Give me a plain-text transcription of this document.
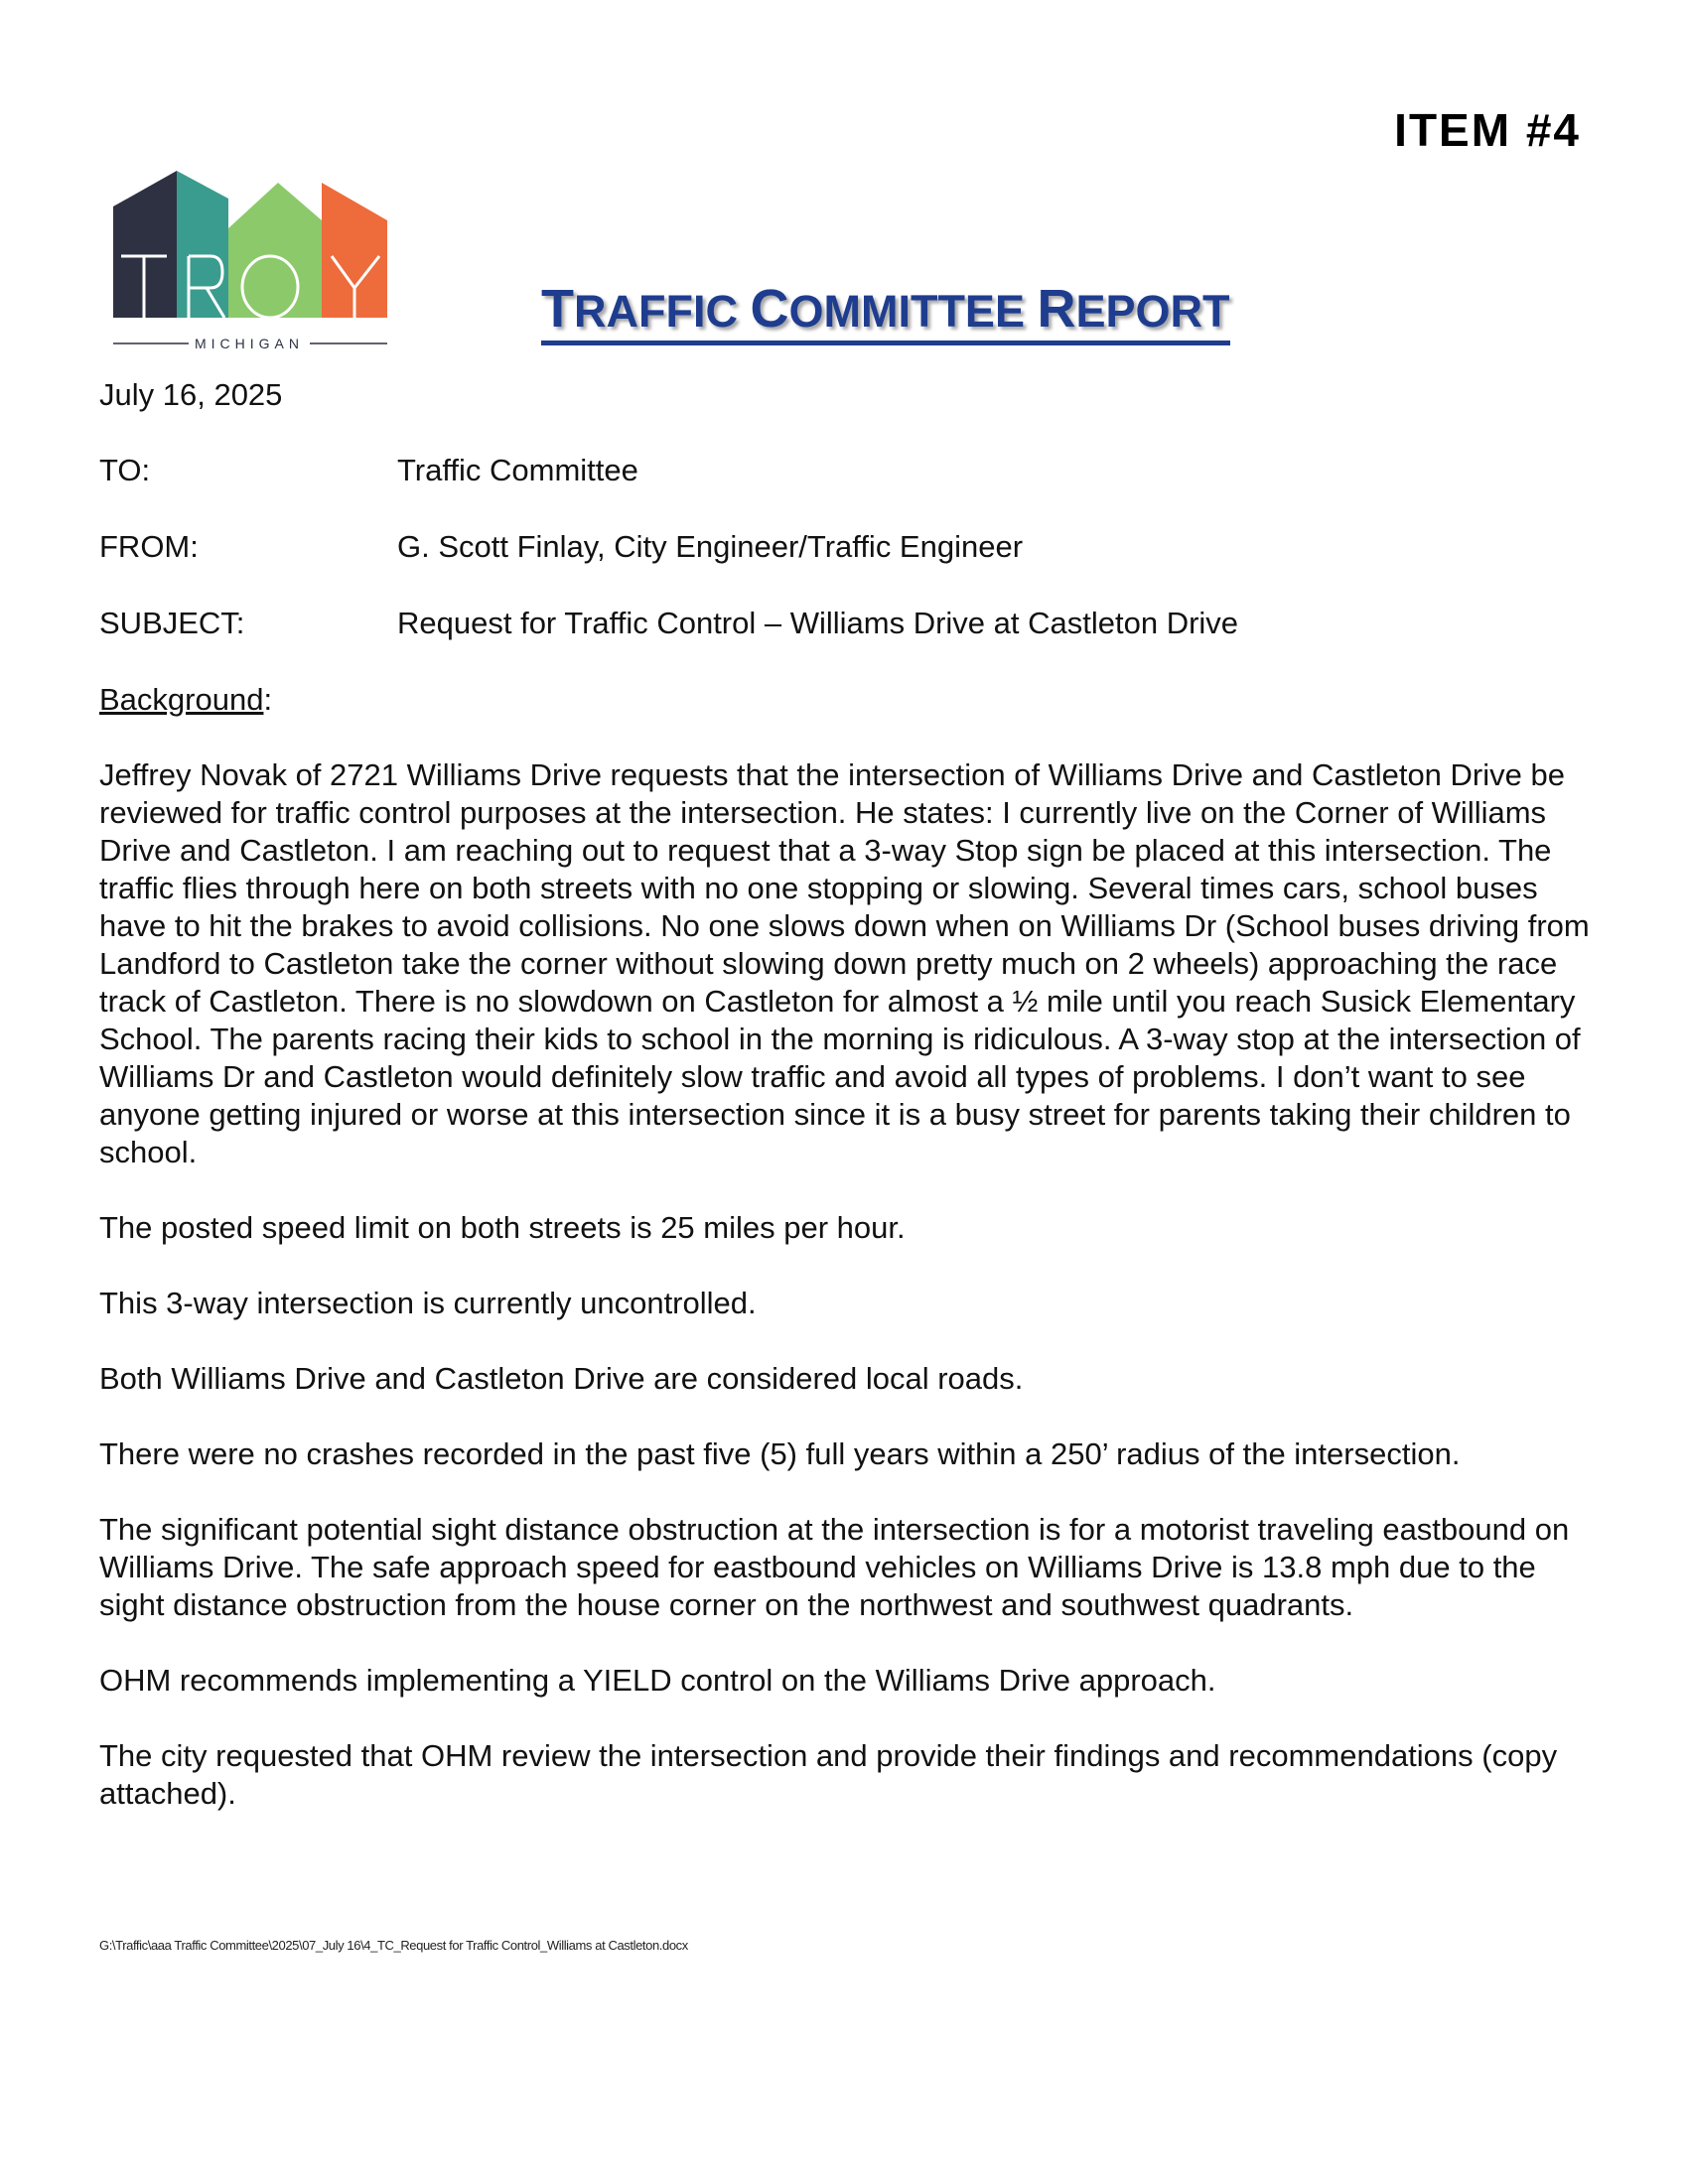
ITEM #4
MICHIGAN
TRAFFIC COMMITTEE REPORT
July 16, 2025
TO:	Traffic Committee
FROM:	G. Scott Finlay, City Engineer/Traffic Engineer
SUBJECT:	Request for Traffic Control – Williams Drive at Castleton Drive

Background:

Jeffrey Novak of 2721 Williams Drive requests that the intersection of Williams Drive and Castleton Drive be reviewed for traffic control purposes at the intersection. He states: I currently live on the Corner of Williams Drive and Castleton. I am reaching out to request that a 3-way Stop sign be placed at this intersection. The traffic flies through here on both streets with no one stopping or slowing. Several times cars, school buses have to hit the brakes to avoid collisions. No one slows down when on Williams Dr (School buses driving from Landford to Castleton take the corner without slowing down pretty much on 2 wheels) approaching the race track of Castleton. There is no slowdown on Castleton for almost a ½ mile until you reach Susick Elementary School. The parents racing their kids to school in the morning is ridiculous. A 3-way stop at the intersection of Williams Dr and Castleton would definitely slow traffic and avoid all types of problems. I don’t want to see anyone getting injured or worse at this intersection since it is a busy street for parents taking their children to school.

The posted speed limit on both streets is 25 miles per hour.

This 3-way intersection is currently uncontrolled.

Both Williams Drive and Castleton Drive are considered local roads.

There were no crashes recorded in the past five (5) full years within a 250’ radius of the intersection.

The significant potential sight distance obstruction at the intersection is for a motorist traveling eastbound on Williams Drive. The safe approach speed for eastbound vehicles on Williams Drive is 13.8 mph due to the sight distance obstruction from the house corner on the northwest and southwest quadrants.

OHM recommends implementing a YIELD control on the Williams Drive approach.

The city requested that OHM review the intersection and provide their findings and recommendations (copy attached).

G:\Traffic\aaa Traffic Committee\2025\07_July 16\4_TC_Request for Traffic Control_Williams at Castleton.docx
